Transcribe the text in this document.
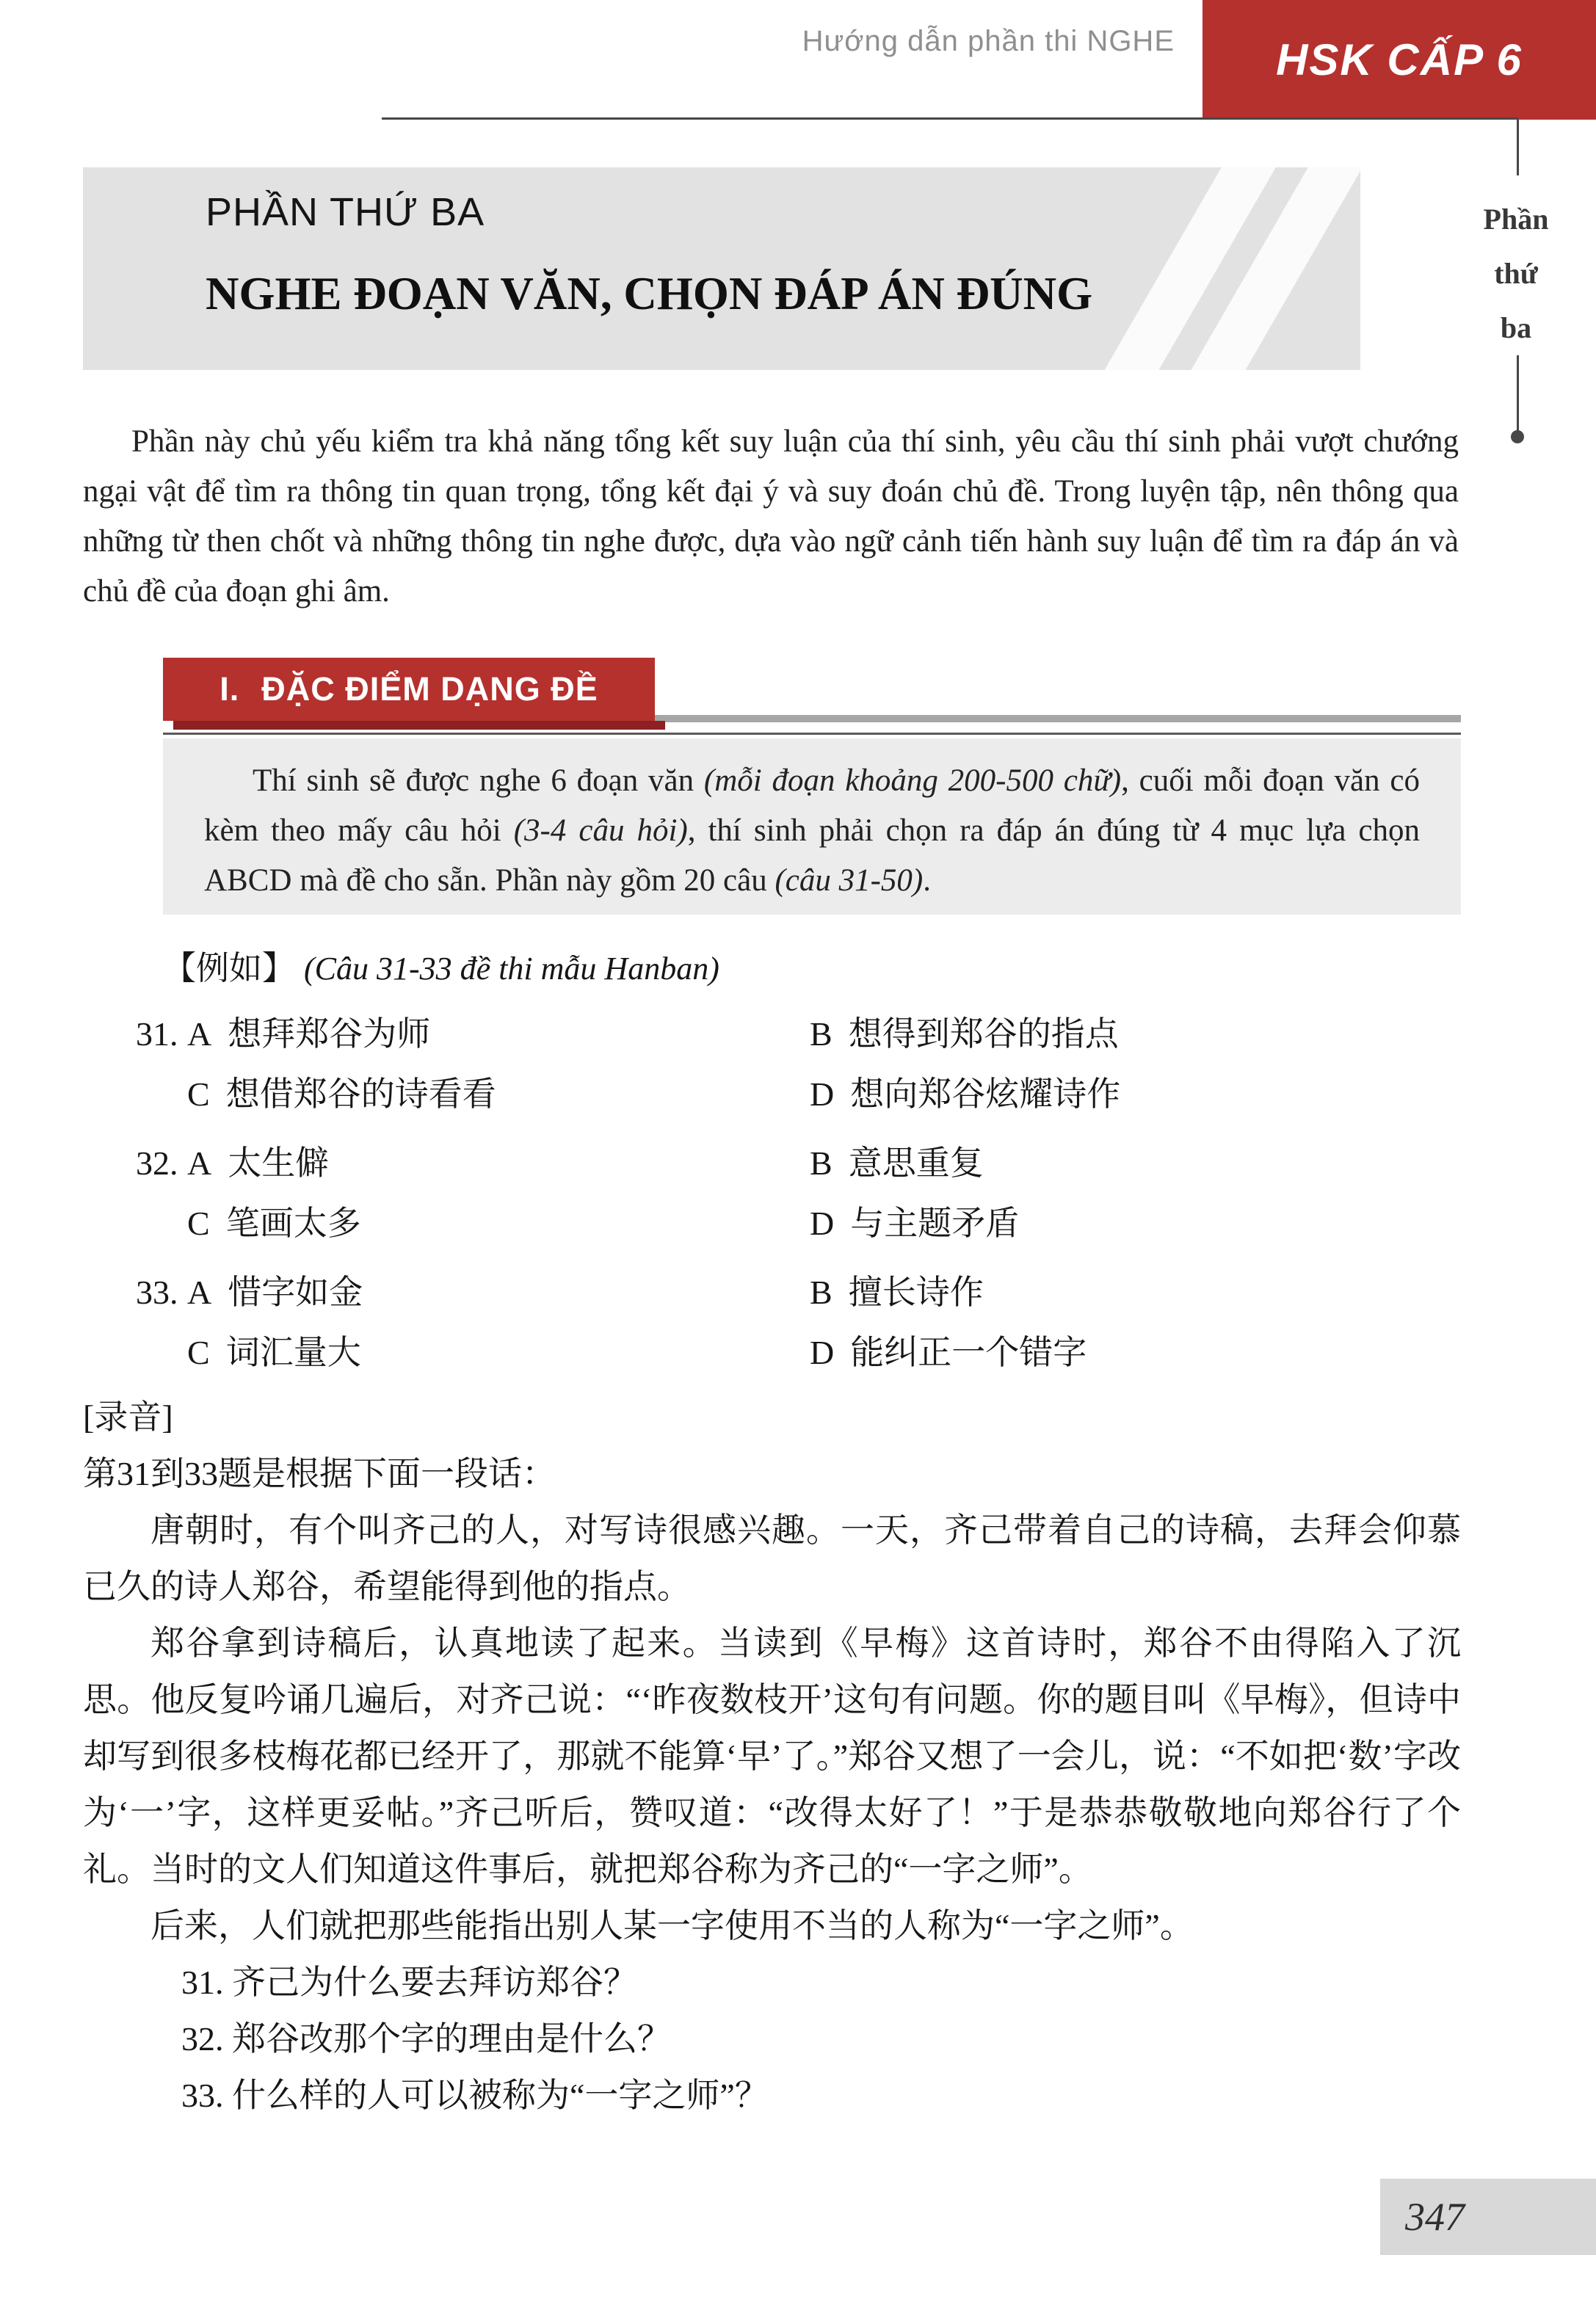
Hướng dẫn phần thi NGHE HSK CẤP 6
Phần
thứ
ba
PHẦN THỨ BA
NGHE ĐOẠN VĂN, CHỌN ĐÁP ÁN ĐÚNG

Phần này chủ yếu kiểm tra khả năng tổng kết suy luận của thí sinh, yêu cầu thí sinh phải vượt chướng ngại vật để tìm ra thông tin quan trọng, tổng kết đại ý và suy đoán chủ đề. Trong luyện tập, nên thông qua những từ then chốt và những thông tin nghe được, dựa vào ngữ cảnh tiến hành suy luận để tìm ra đáp án và chủ đề của đoạn ghi âm.

I. ĐẶC ĐIỂM DẠNG ĐỀ

Thí sinh sẽ được nghe 6 đoạn văn (mỗi đoạn khoảng 200-500 chữ), cuối mỗi đoạn văn có kèm theo mấy câu hỏi (3-4 câu hỏi), thí sinh phải chọn ra đáp án đúng từ 4 mục lựa chọn ABCD mà đề cho sẵn. Phần này gồm 20 câu (câu 31-50).

【例如】 (Câu 31-33 đề thi mẫu Hanban)
31. A 想拜郑谷为师	B 想得到郑谷的指点
C 想借郑谷的诗看看	D 想向郑谷炫耀诗作
32. A 太生僻	B 意思重复
C 笔画太多	D 与主题矛盾
33. A 惜字如金	B 擅长诗作
C 词汇量大	D 能纠正一个错字

[录音]

第31到33题是根据下面一段话：

唐朝时，有个叫齐己的人，对写诗很感兴趣。一天，齐己带着自己的诗稿，去拜会仰慕已久的诗人郑谷，希望能得到他的指点。

郑谷拿到诗稿后，认真地读了起来。当读到《早梅》这首诗时，郑谷不由得陷入了沉思。他反复吟诵几遍后，对齐己说：“‘昨夜数枝开’这句有问题。你的题目叫《早梅》，但诗中却写到很多枝梅花都已经开了，那就不能算‘早’了。”郑谷又想了一会儿，说：“不如把‘数’字改为‘一’字，这样更妥帖。”齐己听后，赞叹道：“改得太好了！”于是恭恭敬敬地向郑谷行了个礼。当时的文人们知道这件事后，就把郑谷称为齐己的“一字之师”。

后来，人们就把那些能指出别人某一字使用不当的人称为“一字之师”。

31. 齐己为什么要去拜访郑谷？

32. 郑谷改那个字的理由是什么？

33. 什么样的人可以被称为“一字之师”？

347
